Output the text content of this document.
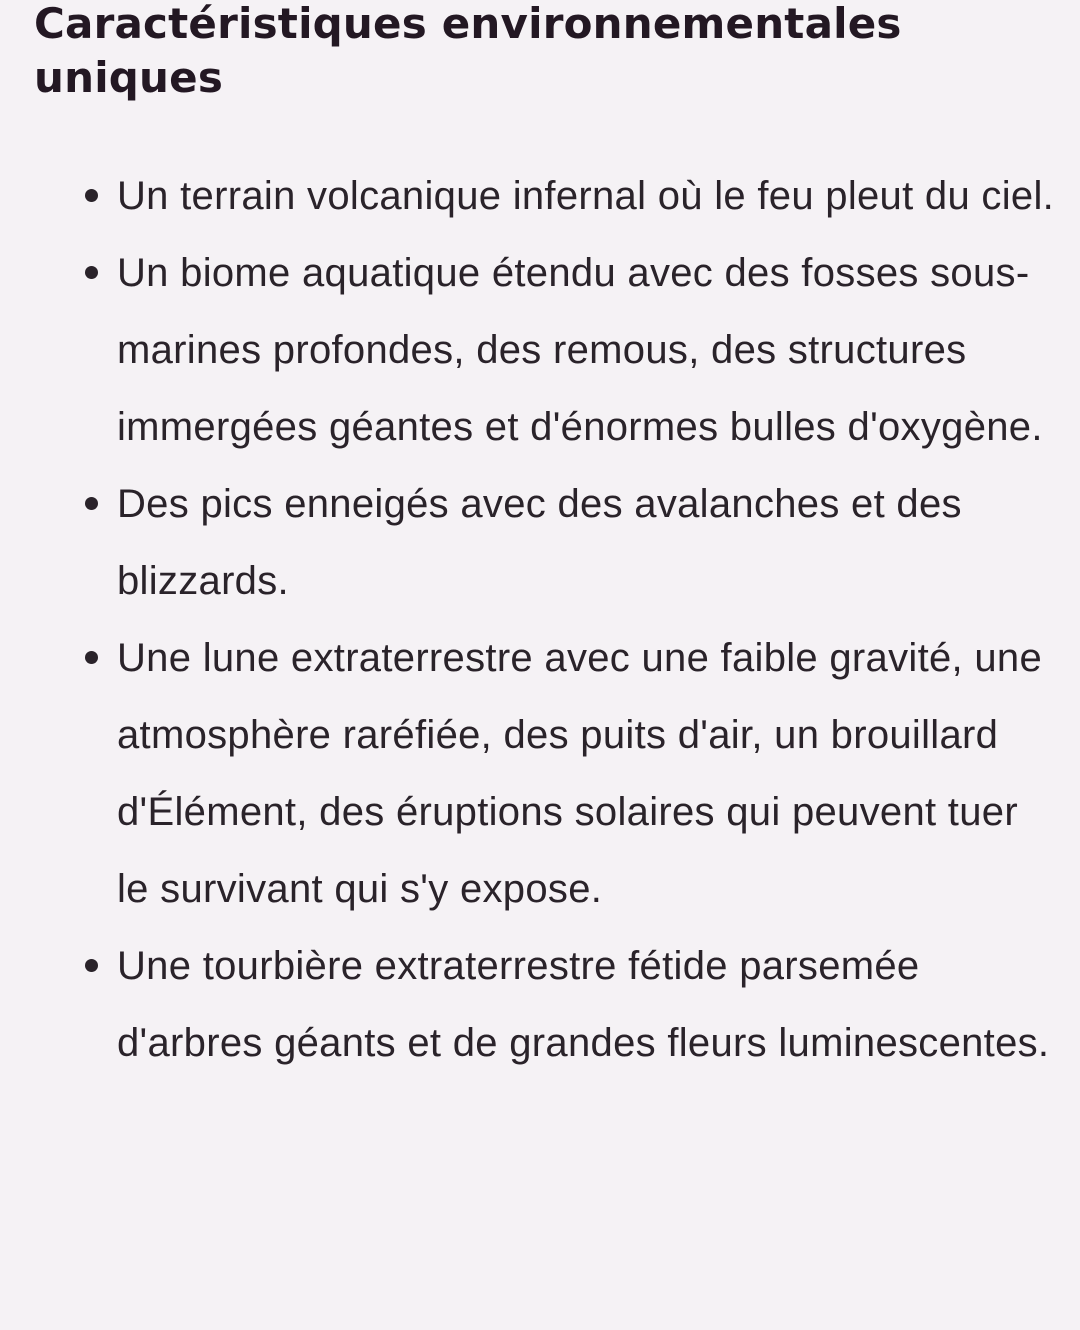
Caractéristiques environnementales uniques
Un terrain volcanique infernal où le feu pleut du ciel.
Un biome aquatique étendu avec des fosses sous-marines profondes, des remous, des structures immergées géantes et d'énormes bulles d'oxygène.
Des pics enneigés avec des avalanches et des blizzards.
Une lune extraterrestre avec une faible gravité, une atmosphère raréfiée, des puits d'air, un brouillard d'Élément, des éruptions solaires qui peuvent tuer le survivant qui s'y expose.
Une tourbière extraterrestre fétide parsemée d'arbres géants et de grandes fleurs luminescentes.
